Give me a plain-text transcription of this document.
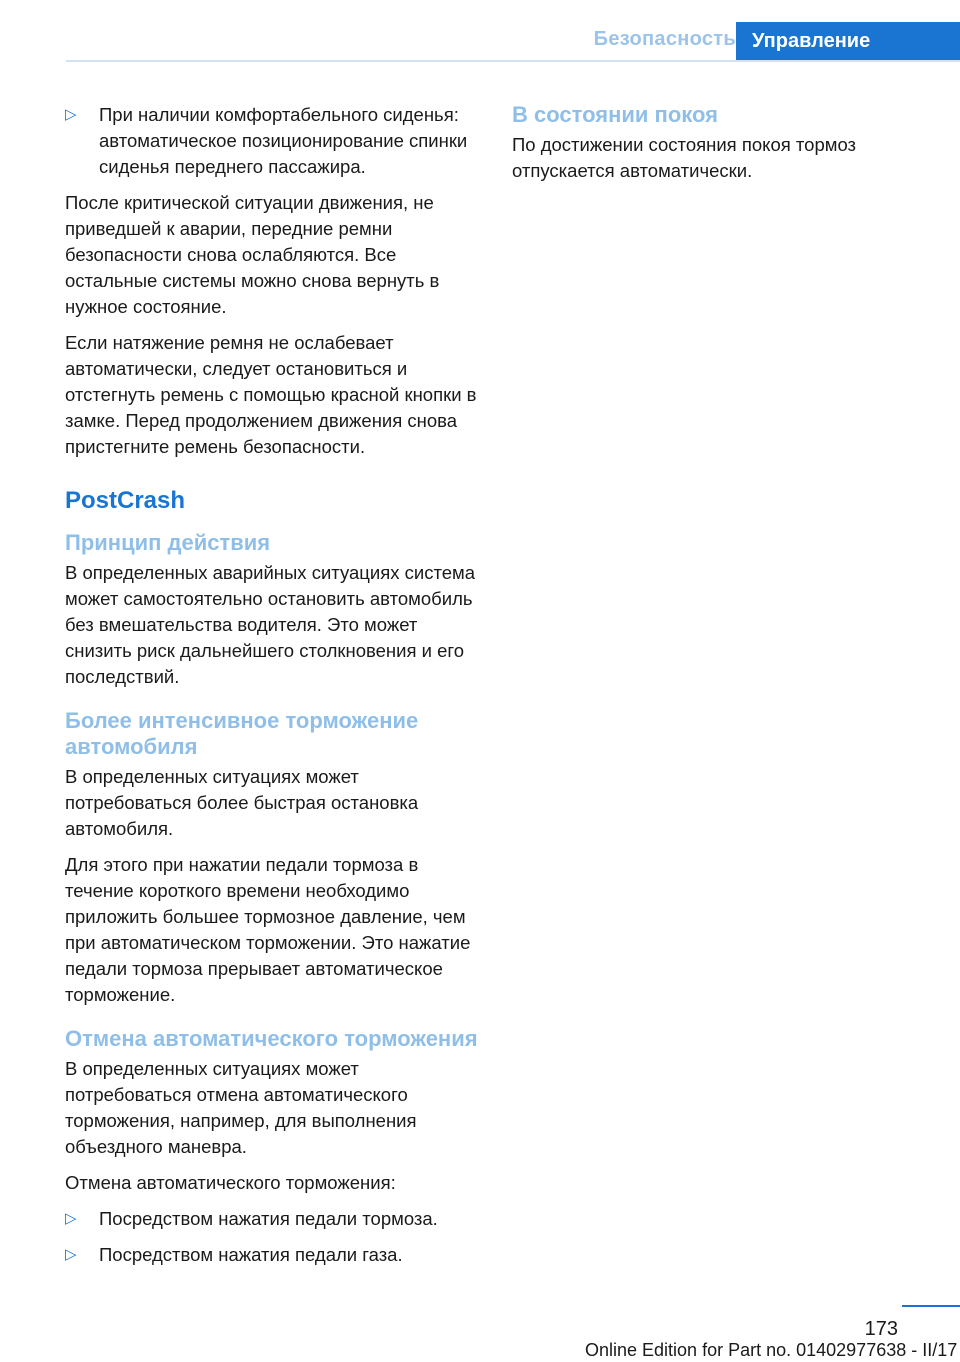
Безопасность Управление
▷	При наличии комфортабельного сиденья: автоматическое позиционирование спинки сиденья переднего пассажира.

После критической ситуации движения, не приведшей к аварии, передние ремни безопасности снова ослабляются. Все остальные системы можно снова вернуть в нужное состояние.

Если натяжение ремня не ослабевает автоматически, следует остановиться и отстегнуть ремень с помощью красной кнопки в замке. Перед продолжением движения снова пристегните ремень безопасности.

PostCrash
Принцип действия

В определенных аварийных ситуациях система может самостоятельно остановить автомобиль без вмешательства водителя. Это может снизить риск дальнейшего столкновения и его последствий.

Более интенсивное торможение автомобиля

В определенных ситуациях может потребоваться более быстрая остановка автомобиля.

Для этого при нажатии педали тормоза в течение короткого времени необходимо приложить большее тормозное давление, чем при автоматическом торможении. Это нажатие педали тормоза прерывает автоматическое торможение.

Отмена автоматического торможения

В определенных ситуациях может потребоваться отмена автоматического торможения, например, для выполнения объездного маневра.

Отмена автоматического торможения:

▷	Посредством нажатия педали тормоза.
▷	Посредством нажатия педали газа.
В состоянии покоя

По достижении состояния покоя тормоз отпускается автоматически.

173
Online Edition for Part no. 01402977638 - II/17
